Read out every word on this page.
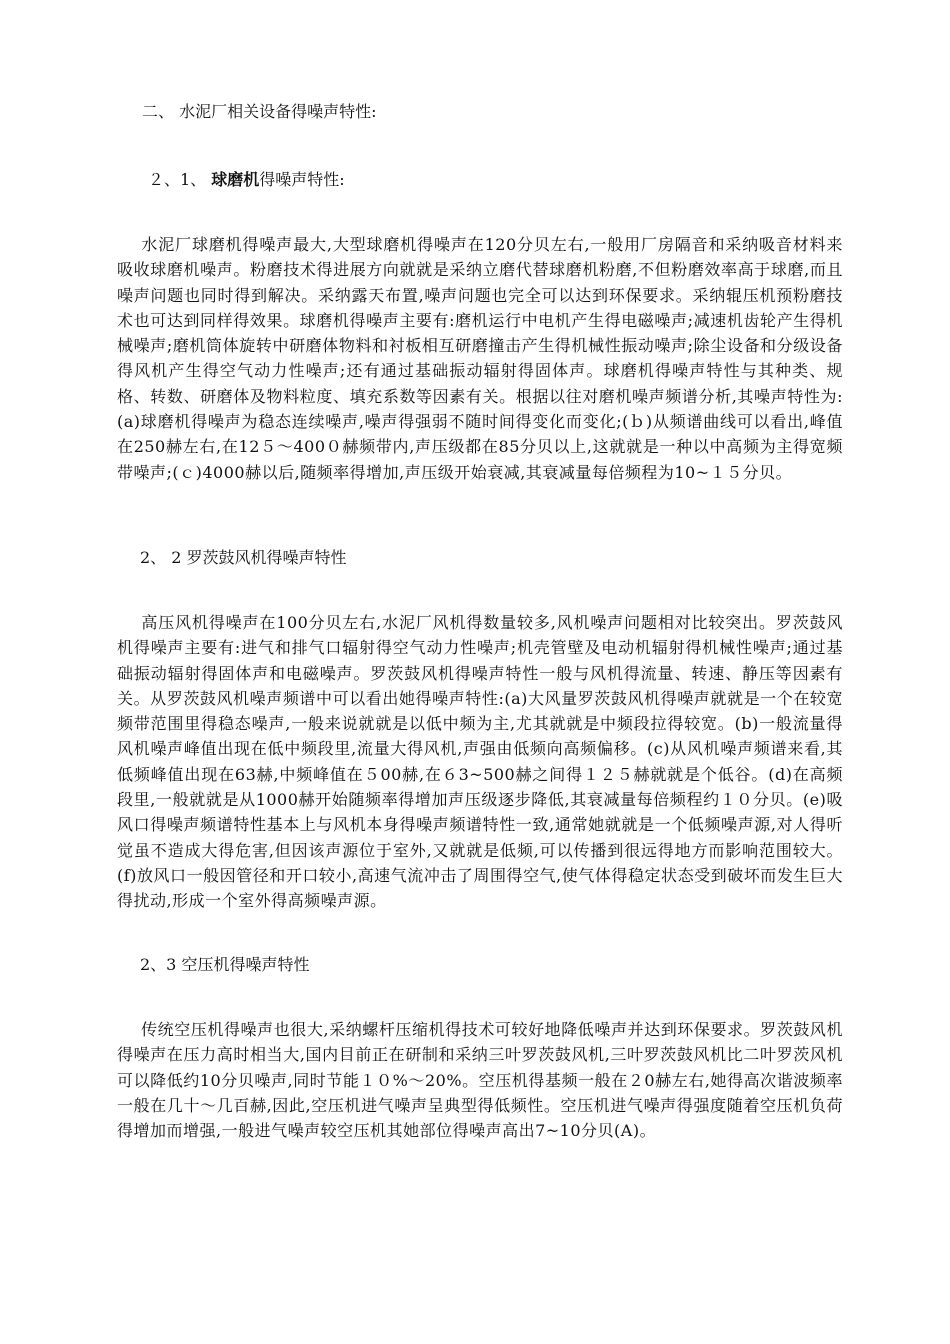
二、 水泥厂相关设备得噪声特性:
２、1、 球磨机得噪声特性:
水泥厂球磨机得噪声最大,大型球磨机得噪声在120分贝左右,一般用厂房隔音和采纳吸音材料来吸收球磨机噪声。粉磨技术得进展方向就就是采纳立磨代替球磨机粉磨,不但粉磨效率高于球磨,而且噪声问题也同时得到解决。采纳露天布置,噪声问题也完全可以达到环保要求。采纳辊压机预粉磨技术也可达到同样得效果。球磨机得噪声主要有:磨机运行中电机产生得电磁噪声;减速机齿轮产生得机械噪声;磨机筒体旋转中研磨体物料和衬板相互研磨撞击产生得机械性振动噪声;除尘设备和分级设备得风机产生得空气动力性噪声;还有通过基础振动辐射得固体声。球磨机得噪声特性与其种类、规格、转数、研磨体及物料粒度、填充系数等因素有关。根据以往对磨机噪声频谱分析,其噪声特性为:(a)球磨机得噪声为稳态连续噪声,噪声得强弱不随时间得变化而变化;(ｂ)从频谱曲线可以看出,峰值在250赫左右,在12５～400０赫频带内,声压级都在85分贝以上,这就就是一种以中高频为主得宽频带噪声;(ｃ)4000赫以后,随频率得增加,声压级开始衰减,其衰减量每倍频程为10~１５分贝。
2、 2 罗茨鼓风机得噪声特性
高压风机得噪声在100分贝左右,水泥厂风机得数量较多,风机噪声问题相对比较突出。罗茨鼓风机得噪声主要有:进气和排气口辐射得空气动力性噪声;机壳管壁及电动机辐射得机械性噪声;通过基础振动辐射得固体声和电磁噪声。罗茨鼓风机得噪声特性一般与风机得流量、转速、静压等因素有关。从罗茨鼓风机噪声频谱中可以看出她得噪声特性:(a)大风量罗茨鼓风机得噪声就就是一个在较宽频带范围里得稳态噪声,一般来说就就是以低中频为主,尤其就就是中频段拉得较宽。(b)一般流量得风机噪声峰值出现在低中频段里,流量大得风机,声强由低频向高频偏移。(c)从风机噪声频谱来看,其低频峰值出现在63赫,中频峰值在５00赫,在６3~500赫之间得１２５赫就就是个低谷。(d)在高频段里,一般就就是从1000赫开始随频率得增加声压级逐步降低,其衰减量每倍频程约１０分贝。(e)吸风口得噪声频谱特性基本上与风机本身得噪声频谱特性一致,通常她就就是一个低频噪声源,对人得听觉虽不造成大得危害,但因该声源位于室外,又就就是低频,可以传播到很远得地方而影响范围较大。(f)放风口一般因管径和开口较小,高速气流冲击了周围得空气,使气体得稳定状态受到破坏而发生巨大得扰动,形成一个室外得高频噪声源。
2、3 空压机得噪声特性
传统空压机得噪声也很大,采纳螺杆压缩机得技术可较好地降低噪声并达到环保要求。罗茨鼓风机得噪声在压力高时相当大,国内目前正在研制和采纳三叶罗茨鼓风机,三叶罗茨鼓风机比二叶罗茨风机可以降低约10分贝噪声,同时节能１０%～20%。空压机得基频一般在２0赫左右,她得高次谐波频率一般在几十～几百赫,因此,空压机进气噪声呈典型得低频性。空压机进气噪声得强度随着空压机负荷得增加而增强,一般进气噪声较空压机其她部位得噪声高出7~10分贝(A)。
